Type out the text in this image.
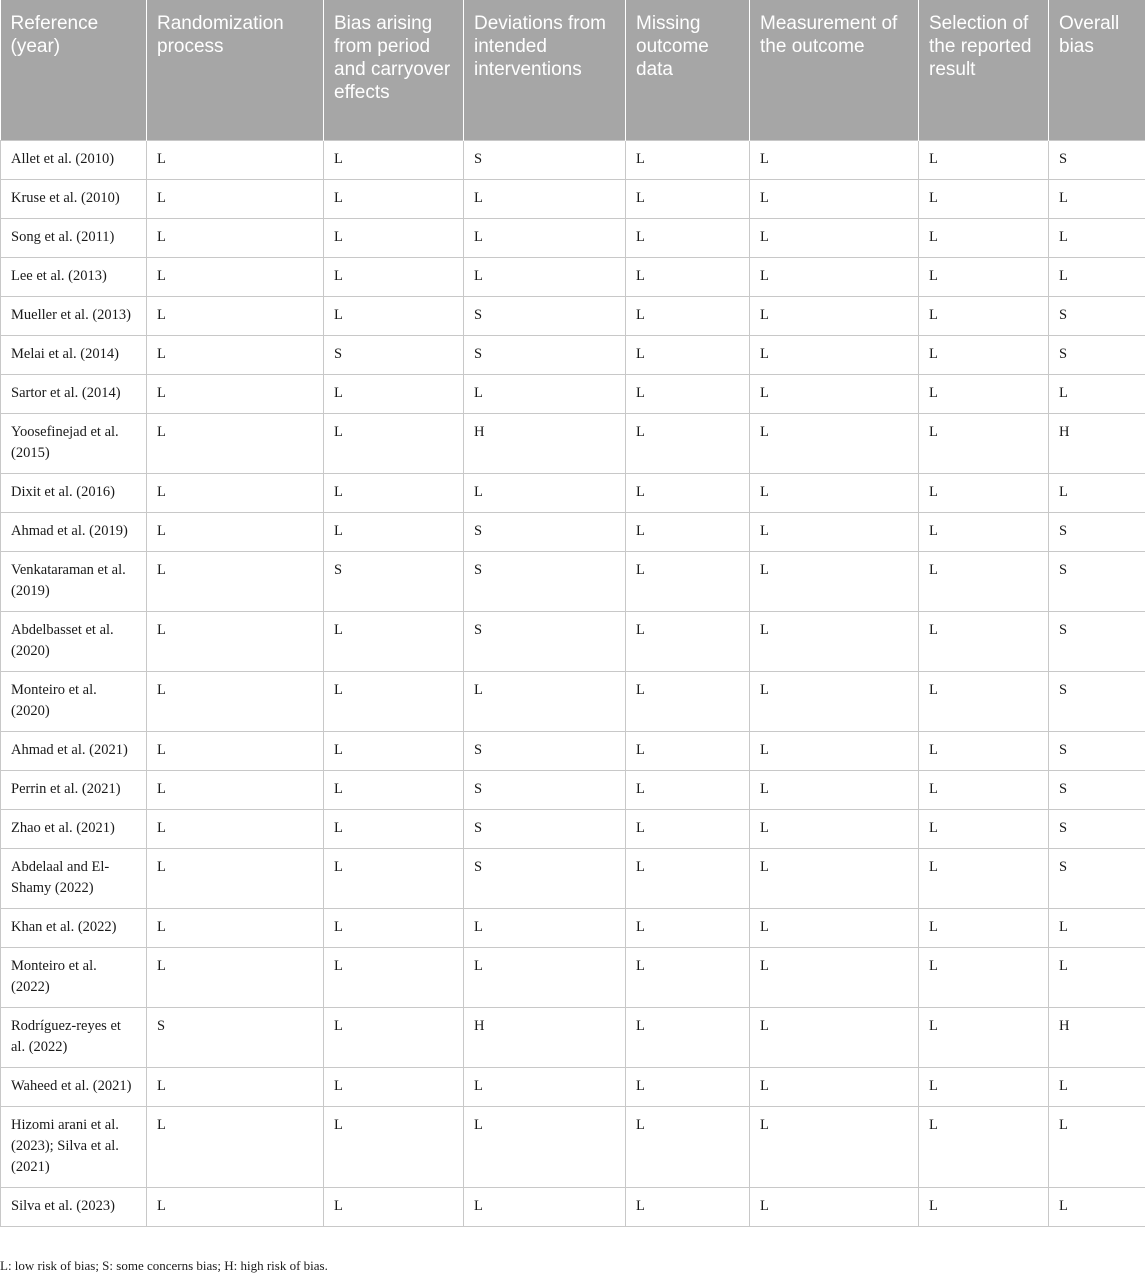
Reference (year)	Randomization process	Bias arising from period and carryover effects	Deviations from intended interventions	Missing outcome data	Measurement of the outcome	Selection of the reported result	Overall bias
Allet et al. (2010)	L	L	S	L	L	L	S
Kruse et al. (2010)	L	L	L	L	L	L	L
Song et al. (2011)	L	L	L	L	L	L	L
Lee et al. (2013)	L	L	L	L	L	L	L
Mueller et al. (2013)	L	L	S	L	L	L	S
Melai et al. (2014)	L	S	S	L	L	L	S
Sartor et al. (2014)	L	L	L	L	L	L	L
Yoosefinejad et al. (2015)	L	L	H	L	L	L	H
Dixit et al. (2016)	L	L	L	L	L	L	L
Ahmad et al. (2019)	L	L	S	L	L	L	S
Venkataraman et al. (2019)	L	S	S	L	L	L	S
Abdelbasset et al. (2020)	L	L	S	L	L	L	S
Monteiro et al. (2020)	L	L	L	L	L	L	S
Ahmad et al. (2021)	L	L	S	L	L	L	S
Perrin et al. (2021)	L	L	S	L	L	L	S
Zhao et al. (2021)	L	L	S	L	L	L	S
Abdelaal and El-Shamy (2022)	L	L	S	L	L	L	S
Khan et al. (2022)	L	L	L	L	L	L	L
Monteiro et al. (2022)	L	L	L	L	L	L	L
Rodríguez-reyes et al. (2022)	S	L	H	L	L	L	H
Waheed et al. (2021)	L	L	L	L	L	L	L
Hizomi arani et al. (2023); Silva et al. (2021)	L	L	L	L	L	L	L
Silva et al. (2023)	L	L	L	L	L	L	L
L: low risk of bias; S: some concerns bias; H: high risk of bias.
